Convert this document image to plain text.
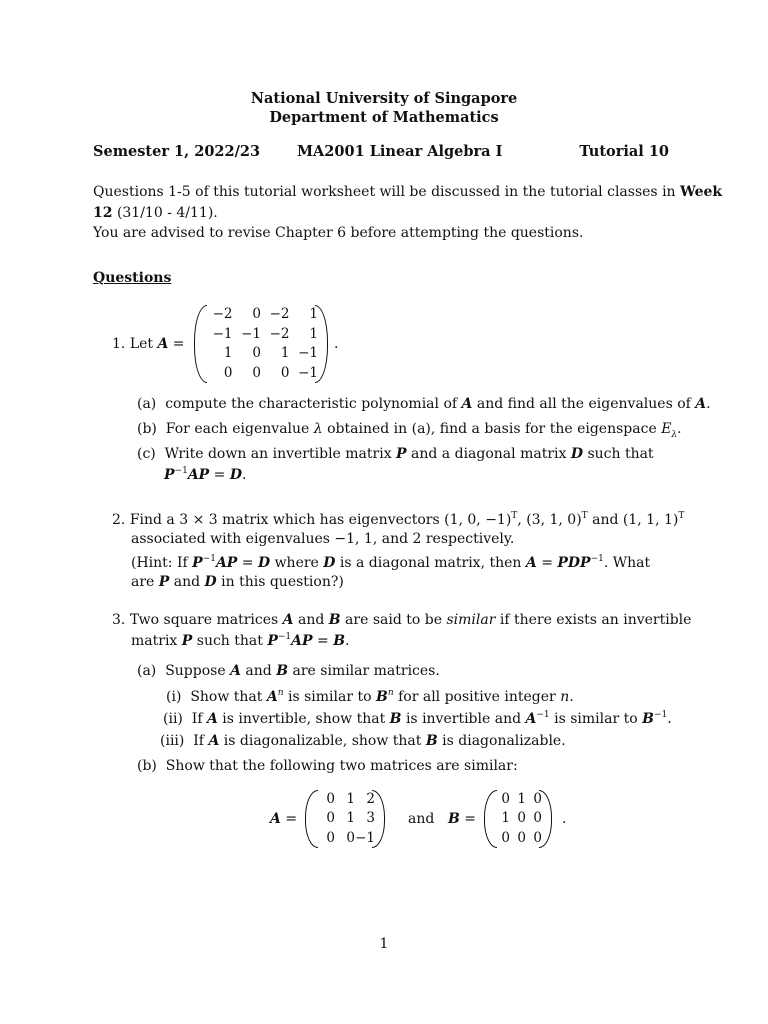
National University of Singapore
Department of Mathematics
Semester 1, 2022/23	MA2001 Linear Algebra I	Tutorial 10
Questions 1-5 of this tutorial worksheet will be discussed in the tutorial classes in Week
12 (31/10 - 4/11).
You are advised to revise Chapter 6 before attempting the questions.
Questions
1. Let A =
−2	0 −2	1
−1 −1 −2	1
1	0	1 −1
0	0	0 −1
.
(a) compute the characteristic polynomial of A and find all the eigenvalues of A.
(b) For each eigenvalue λ obtained in (a), find a basis for the eigenspace $E_\lambda$.
(c) Write down an invertible matrix P and a diagonal matrix D such that
$P^{-1}AP = D$.
2. Find a 3 × 3 matrix which has eigenvectors (1, 0, −1)$^T$, (3, 1, 0)$^T$ and (1, 1, 1)$^T$
associated with eigenvalues −1, 1, and 2 respectively.
(Hint: If $P^{-1}AP = D$ where D is a diagonal matrix, then $A = PDP^{-1}$. What
are P and D in this question?)
3. Two square matrices A and B are said to be similar if there exists an invertible
matrix P such that $P^{-1}AP = B$.
(a) Suppose A and B are similar matrices.
(i) Show that $A^n$ is similar to $B^n$ for all positive integer n.
(ii) If A is invertible, show that B is invertible and $A^{-1}$ is similar to $B^{-1}$.
(iii) If A is diagonalizable, show that B is diagonalizable.
(b) Show that the following two matrices are similar:
A =
0 1 2
0 1 3
0 0 −1
and B =
0 1 0
1 0 0
0 0 0
.
1
